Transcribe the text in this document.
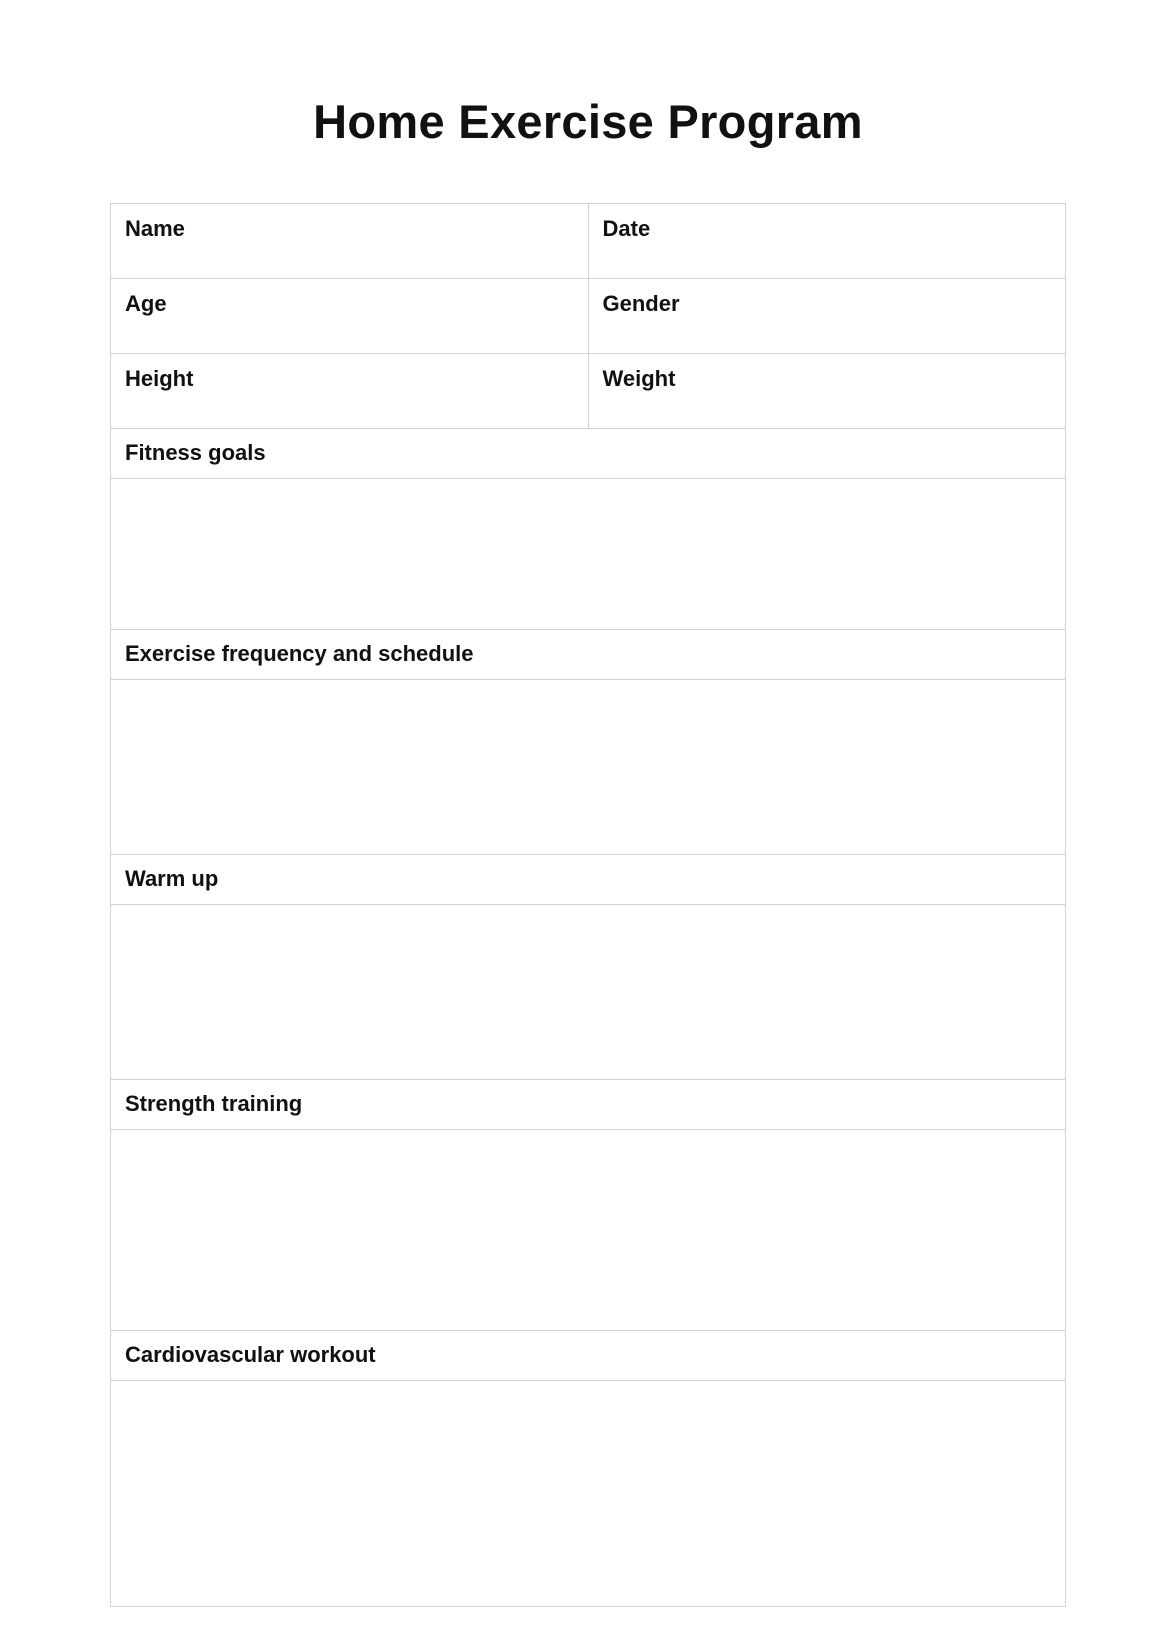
Home Exercise Program
Name	Date
Age	Gender
Height	Weight
Fitness goals
Exercise frequency and schedule
Warm up
Strength training
Cardiovascular workout
